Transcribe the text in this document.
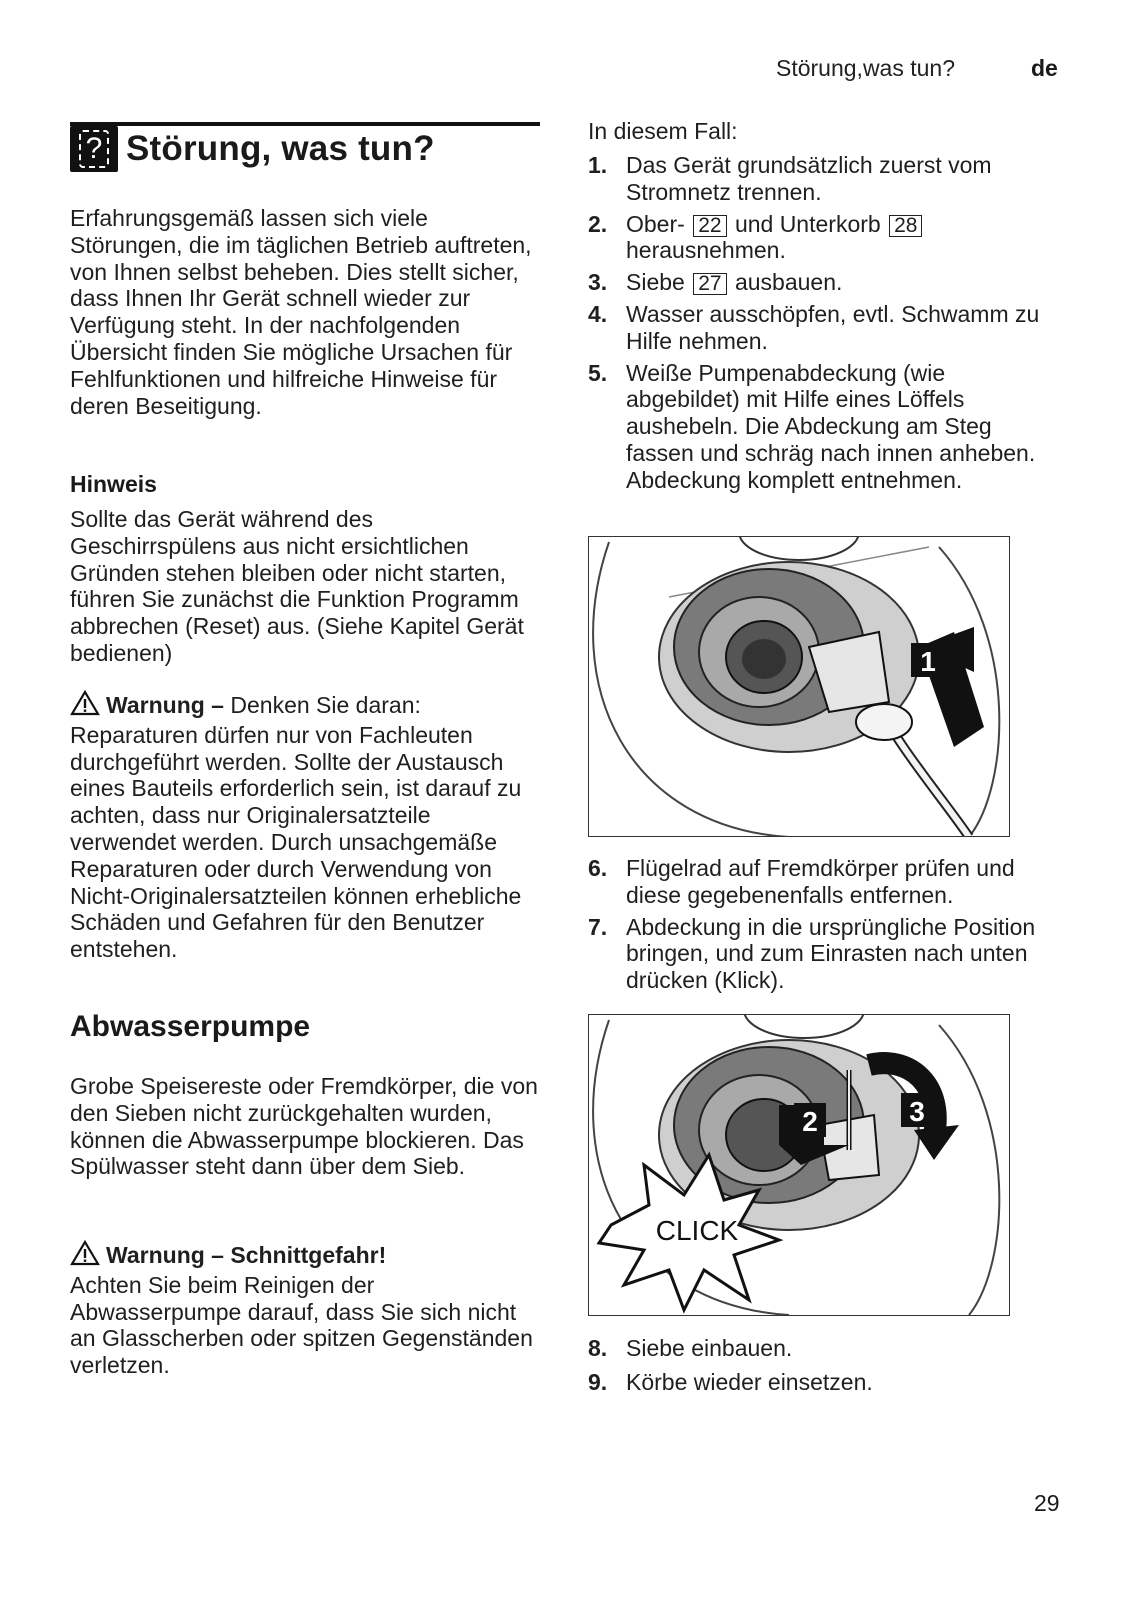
Störung,was tun?	de
? Störung, was tun?
Erfahrungsgemäß lassen sich viele Störungen, die im täglichen Betrieb auftreten, von Ihnen selbst beheben. Dies stellt sicher, dass Ihnen Ihr Gerät schnell wieder zur Verfügung steht. In der nachfolgenden Übersicht finden Sie mögliche Ursachen für Fehlfunktionen und hilfreiche Hinweise für deren Beseitigung.
Hinweis
Sollte das Gerät während des Geschirrspülens aus nicht ersichtlichen Gründen stehen bleiben oder nicht starten, führen Sie zunächst die Funktion Programm abbrechen (Reset) aus. (Siehe Kapitel Gerät bedienen)
Warnung – Denken Sie daran:
Reparaturen dürfen nur von Fachleuten durchgeführt werden. Sollte der Austausch eines Bauteils erforderlich sein, ist darauf zu achten, dass nur Originalersatzteile verwendet werden. Durch unsachgemäße Reparaturen oder durch Verwendung von Nicht-Originalersatzteilen können erhebliche Schäden und Gefahren für den Benutzer entstehen.
Abwasserpumpe
Grobe Speisereste oder Fremdkörper, die von den Sieben nicht zurückgehalten wurden, können die Abwasserpumpe blockieren. Das Spülwasser steht dann über dem Sieb.
Warnung – Schnittgefahr!
Achten Sie beim Reinigen der Abwasserpumpe darauf, dass Sie sich nicht an Glasscherben oder spitzen Gegenständen verletzen.
In diesem Fall:
1. Das Gerät grundsätzlich zuerst vom Stromnetz trennen.
2. Ober- 22 und Unterkorb 28
herausnehmen.
3. Siebe 27 ausbauen.
4. Wasser ausschöpfen, evtl. Schwamm zu Hilfe nehmen.
5. Weiße Pumpenabdeckung (wie abgebildet) mit Hilfe eines Löffels aushebeln. Die Abdeckung am Steg fassen und schräg nach innen anheben. Abdeckung komplett entnehmen.
1
6. Flügelrad auf Fremdkörper prüfen und diese gegebenenfalls entfernen.
7. Abdeckung in die ursprüngliche Position bringen, und zum Einrasten nach unten drücken (Klick).
3
2
CLICK
8. Siebe einbauen.
9. Körbe wieder einsetzen.
29
